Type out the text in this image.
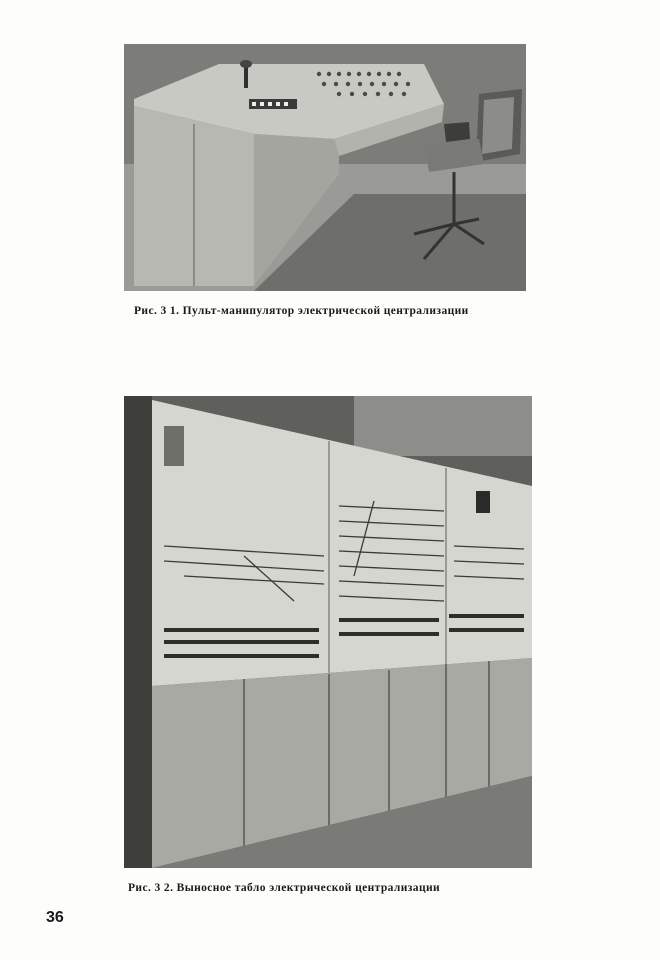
Рис. 3 1. Пульт-манипулятор электрической централизации
Рис. 3 2. Выносное табло электрической централизации
36
